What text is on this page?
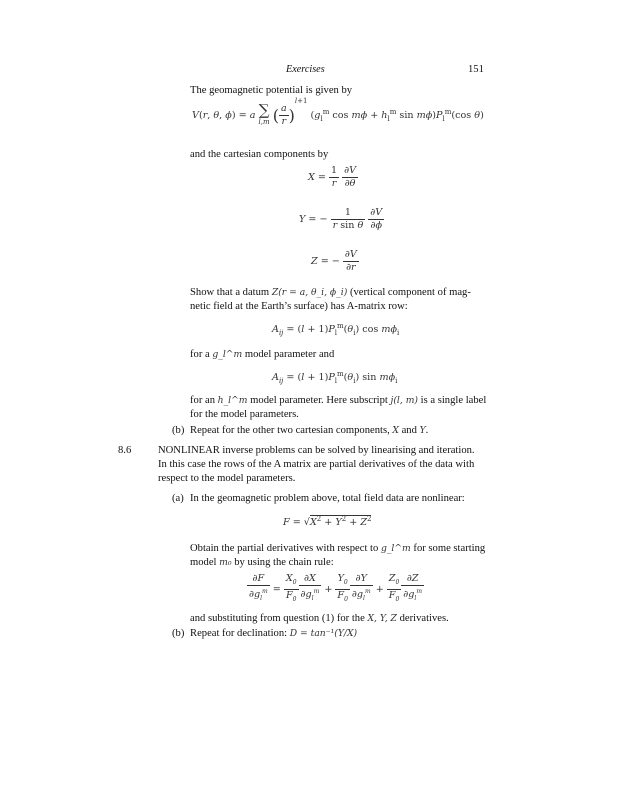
Exercises	151
The geomagnetic potential is given by
V(r, θ, ϕ) = a ∑
l,m ( $\frac{a}{r} )^{l+1}$ ($g_l^m$ $\cos m\phi + h_l^m$ $\sin m\phi)P_l^m(\cos$ θ)
and the cartesian components by
$X = \frac{1}{r}$
$\frac{\partial V}{\partial\theta}$
Y = − $\frac{1}{\text{r sin θ}}$
$\frac{\partial V}{\partial\phi}$
Z = − $\frac{\partial V}{\partial r}$
Show that a datum Z(r = a, θ_i, ϕ_i) (vertical component of mag-
netic field at the Earth’s surface) has A-matrix row:
$A_{ij} = (l + 1)P_l^m(\theta_i)$ $\cos m\phi_i$
for a g_l^m model parameter and
$A_{ij} = (l + 1)P_l^m(\theta_i)$ $\sin m\phi_i$
for an h_l^m model parameter. Here subscript j(l, m) is a single label
for the model parameters.
(b) Repeat for the other two cartesian components, X and Y.
8.6	NONLINEAR inverse problems can be solved by linearising and iteration.
In this case the rows of the A matrix are partial derivatives of the data with
respect to the model parameters.
(a) In the geomagnetic problem above, total field data are nonlinear:
$F = √X^2 + Y^2 + Z^2$
Obtain the partial derivatives with respect to g_l^m for some starting
model m₀ by using the chain rule:
$\frac{\partial F}{\partial g_l^m} = \frac{X_0}{F_0} \frac{\partial X}{\partial g_l^m} + \frac{Y_0}{F_0} \frac{\partial Y}{\partial g_l^m} + \frac{Z_0}{F_0} \frac{\partial Z}{\partial g_l^m}$
and substituting from question (1) for the X, Y, Z derivatives.
(b) Repeat for declination: D = tan⁻¹(Y/X)
